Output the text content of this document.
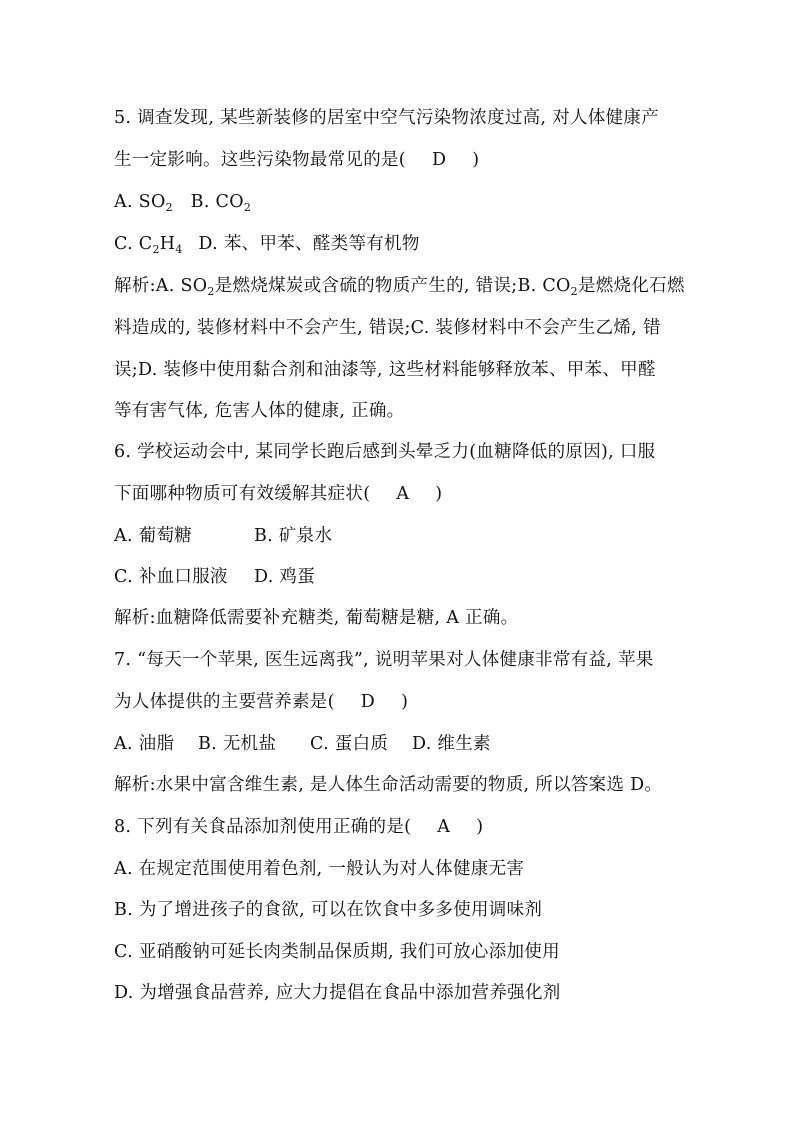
5. 调查发现, 某些新装修的居室中空气污染物浓度过高, 对人体健康产
生一定影响。这些污染物最常见的是( D )
A. $SO_2$ B. $CO_2$
C. $C_2H_4$ D. 苯、甲苯、醛类等有机物
解析:A. $SO_2$是燃烧煤炭或含硫的物质产生的, 错误;B. $CO_2$是燃烧化石燃
料造成的, 装修材料中不会产生, 错误;C. 装修材料中不会产生乙烯, 错
误;D. 装修中使用黏合剂和油漆等, 这些材料能够释放苯、甲苯、甲醛
等有害气体, 危害人体的健康, 正确。
6. 学校运动会中, 某同学长跑后感到头晕乏力(血糖降低的原因), 口服
下面哪种物质可有效缓解其症状( A )
A. 葡萄糖	B. 矿泉水
C. 补血口服液 D. 鸡蛋
解析:血糖降低需要补充糖类, 葡萄糖是糖, A 正确。
7. “每天一个苹果, 医生远离我”, 说明苹果对人体健康非常有益, 苹果
为人体提供的主要营养素是( D )
A. 油脂 B. 无机盐 C. 蛋白质 D. 维生素
解析:水果中富含维生素, 是人体生命活动需要的物质, 所以答案选 D。
8. 下列有关食品添加剂使用正确的是( A )
A. 在规定范围使用着色剂, 一般认为对人体健康无害
B. 为了增进孩子的食欲, 可以在饮食中多多使用调味剂
C. 亚硝酸钠可延长肉类制品保质期, 我们可放心添加使用
D. 为增强食品营养, 应大力提倡在食品中添加营养强化剂
